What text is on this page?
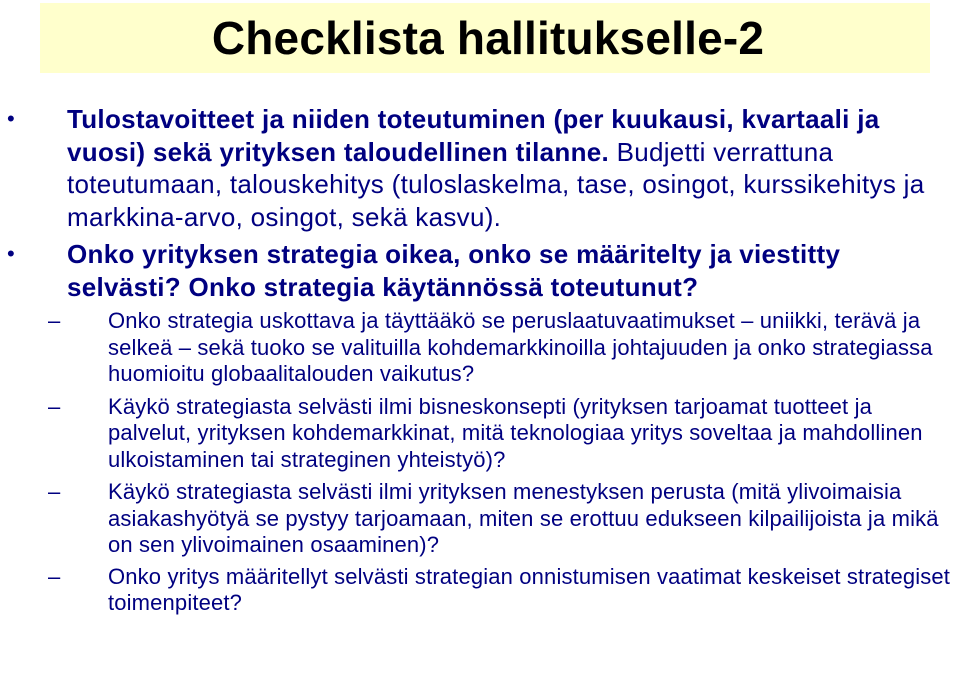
Checklista hallitukselle-2
• Tulostavoitteet ja niiden toteutuminen (per kuukausi, kvartaali ja vuosi) sekä yrityksen taloudellinen tilanne. Budjetti verrattuna toteutumaan, talouskehitys (tuloslaskelma, tase, osingot, kurssikehitys ja markkina-arvo, osingot, sekä kasvu).
• Onko yrityksen strategia oikea, onko se määritelty ja viestitty selvästi? Onko strategia käytännössä toteutunut?
– Onko strategia uskottava ja täyttääkö se peruslaatuvaatimukset – uniikki, terävä ja selkeä – sekä tuoko se valituilla kohdemarkkinoilla johtajuuden ja onko strategiassa huomioitu globaalitalouden vaikutus?
– Käykö strategiasta selvästi ilmi bisneskonsepti (yrityksen tarjoamat tuotteet ja palvelut, yrityksen kohdemarkkinat, mitä teknologiaa yritys soveltaa ja mahdollinen ulkoistaminen tai strateginen yhteistyö)?
– Käykö strategiasta selvästi ilmi yrityksen menestyksen perusta (mitä ylivoimaisia asiakashyötyä se pystyy tarjoamaan, miten se erottuu edukseen kilpailijoista ja mikä on sen ylivoimainen osaaminen)?
– Onko yritys määritellyt selvästi strategian onnistumisen vaatimat keskeiset strategiset toimenpiteet?
